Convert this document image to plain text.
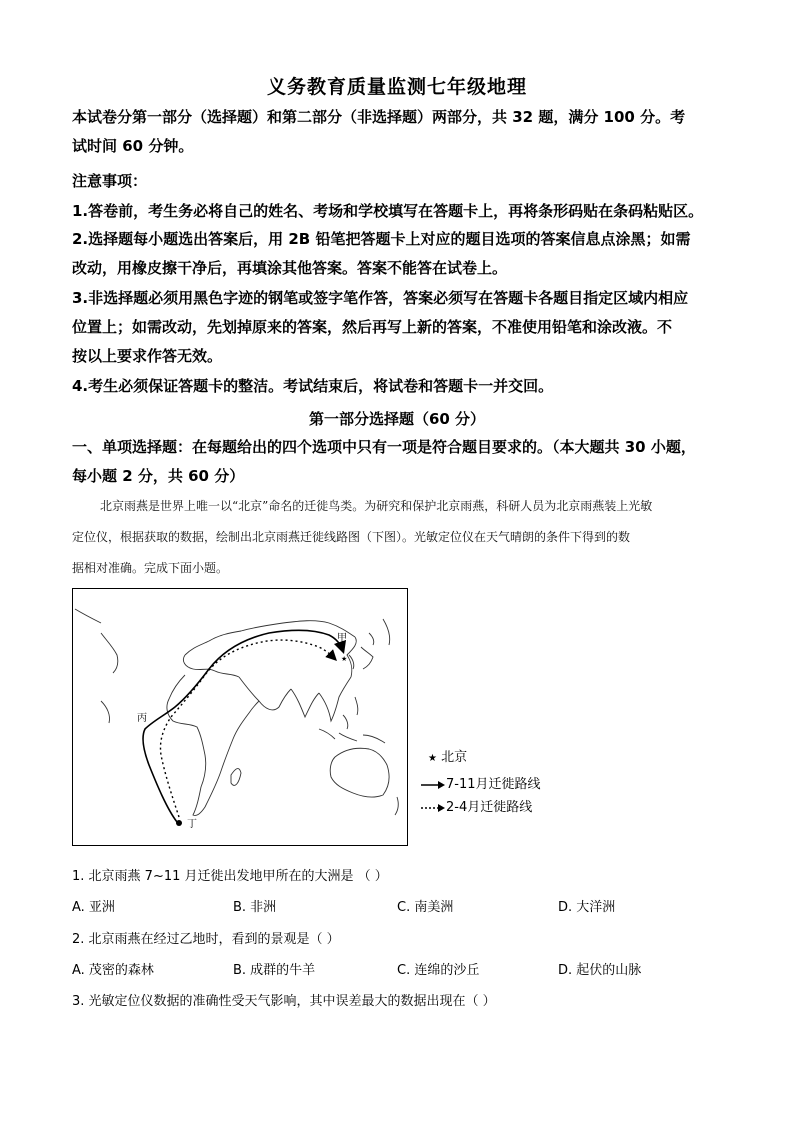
义务教育质量监测七年级地理
本试卷分第一部分（选择题）和第二部分（非选择题）两部分，共 32 题，满分 100 分。考
试时间 60 分钟。
注意事项：
1.答卷前，考生务必将自己的姓名、考场和学校填写在答题卡上，再将条形码贴在条码粘贴区。
2.选择题每小题选出答案后，用 2B 铅笔把答题卡上对应的题目选项的答案信息点涂黑；如需
改动，用橡皮擦干净后，再填涂其他答案。答案不能答在试卷上。
3.非选择题必须用黑色字迹的钢笔或签字笔作答，答案必须写在答题卡各题目指定区域内相应
位置上；如需改动，先划掉原来的答案，然后再写上新的答案，不准使用铅笔和涂改液。不
按以上要求作答无效。
4.考生必须保证答题卡的整洁。考试结束后，将试卷和答题卡一并交回。
第一部分选择题（60 分）
一、单项选择题：在每题给出的四个选项中只有一项是符合题目要求的。（本大题共 30 小题，
每小题 2 分，共 60 分）
北京雨燕是世界上唯一以“北京”命名的迁徙鸟类。为研究和保护北京雨燕，科研人员为北京雨燕装上光敏
定位仪，根据获取的数据，绘制出北京雨燕迁徙线路图（下图）。光敏定位仪在天气晴朗的条件下得到的数
据相对准确。完成下面小题。
★
甲
丙
丁
★ 北京
7-11月迁徙路线
2-4月迁徙路线
1. 北京雨燕 7~11 月迁徙出发地甲所在的大洲是 （ ）
A. 亚洲	B. 非洲	C. 南美洲	D. 大洋洲
2. 北京雨燕在经过乙地时，看到的景观是（ ）
A. 茂密的森林	B. 成群的牛羊	C. 连绵的沙丘	D. 起伏的山脉
3. 光敏定位仪数据的准确性受天气影响，其中误差最大的数据出现在（ ）
